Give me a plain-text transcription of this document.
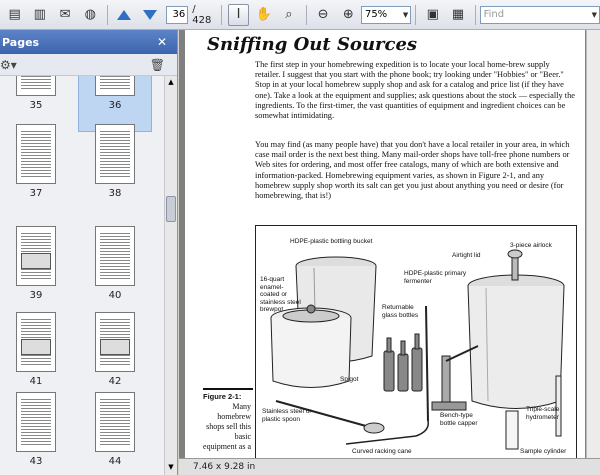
▤ ▥	✉	◍
36	/ 428	I	✋	⌕	⊖	⊕	75% ▼	▣ ▦	Find	▼
Pages	✕
⚙▾	🗑
35	36
37	38
39	40
41	42
43	44
▲
▼
Sniffing Out Sources
The first step in your homebrewing expedition is to locate your local home-brew supply retailer. I suggest that you start with the phone book; try looking under "Hobbies" or "Beer." Stop in at your local homebrew supply shop and ask for a catalog and price list (if they have one). Take a look at the equipment and supplies; ask questions about the stock — especially the ingredients. To the first-timer, the vast quantities of equipment and ingredient choices can be somewhat intimidating.
You may find (as many people have) that you don't have a local retailer in your area, in which case mail order is the next best thing. Many mail-order shops have toll-free phone numbers or Web sites for ordering, and most offer free catalogs, many of which are both extensive and information-packed. Homebrewing equipment varies, as shown in Figure 2-1, and any homebrew supply shop worth its salt can get you just about anything you need or desire (for homebrewing, that is!)
Figure 2-1:
Many homebrew shops sell this basic equipment as a
HDPE-plastic bottling bucket
Airtight lid
3-piece airlock
16-quart enamel-coated or stainless steel brewpot
HDPE-plastic primary fermenter
Returnable glass bottles
Spigot
Stainless steel or plastic spoon	Bench-type bottle capper
Triple-scale hydrometer
Curved racking cane	Sample cylinder
7.46 x 9.28 in
